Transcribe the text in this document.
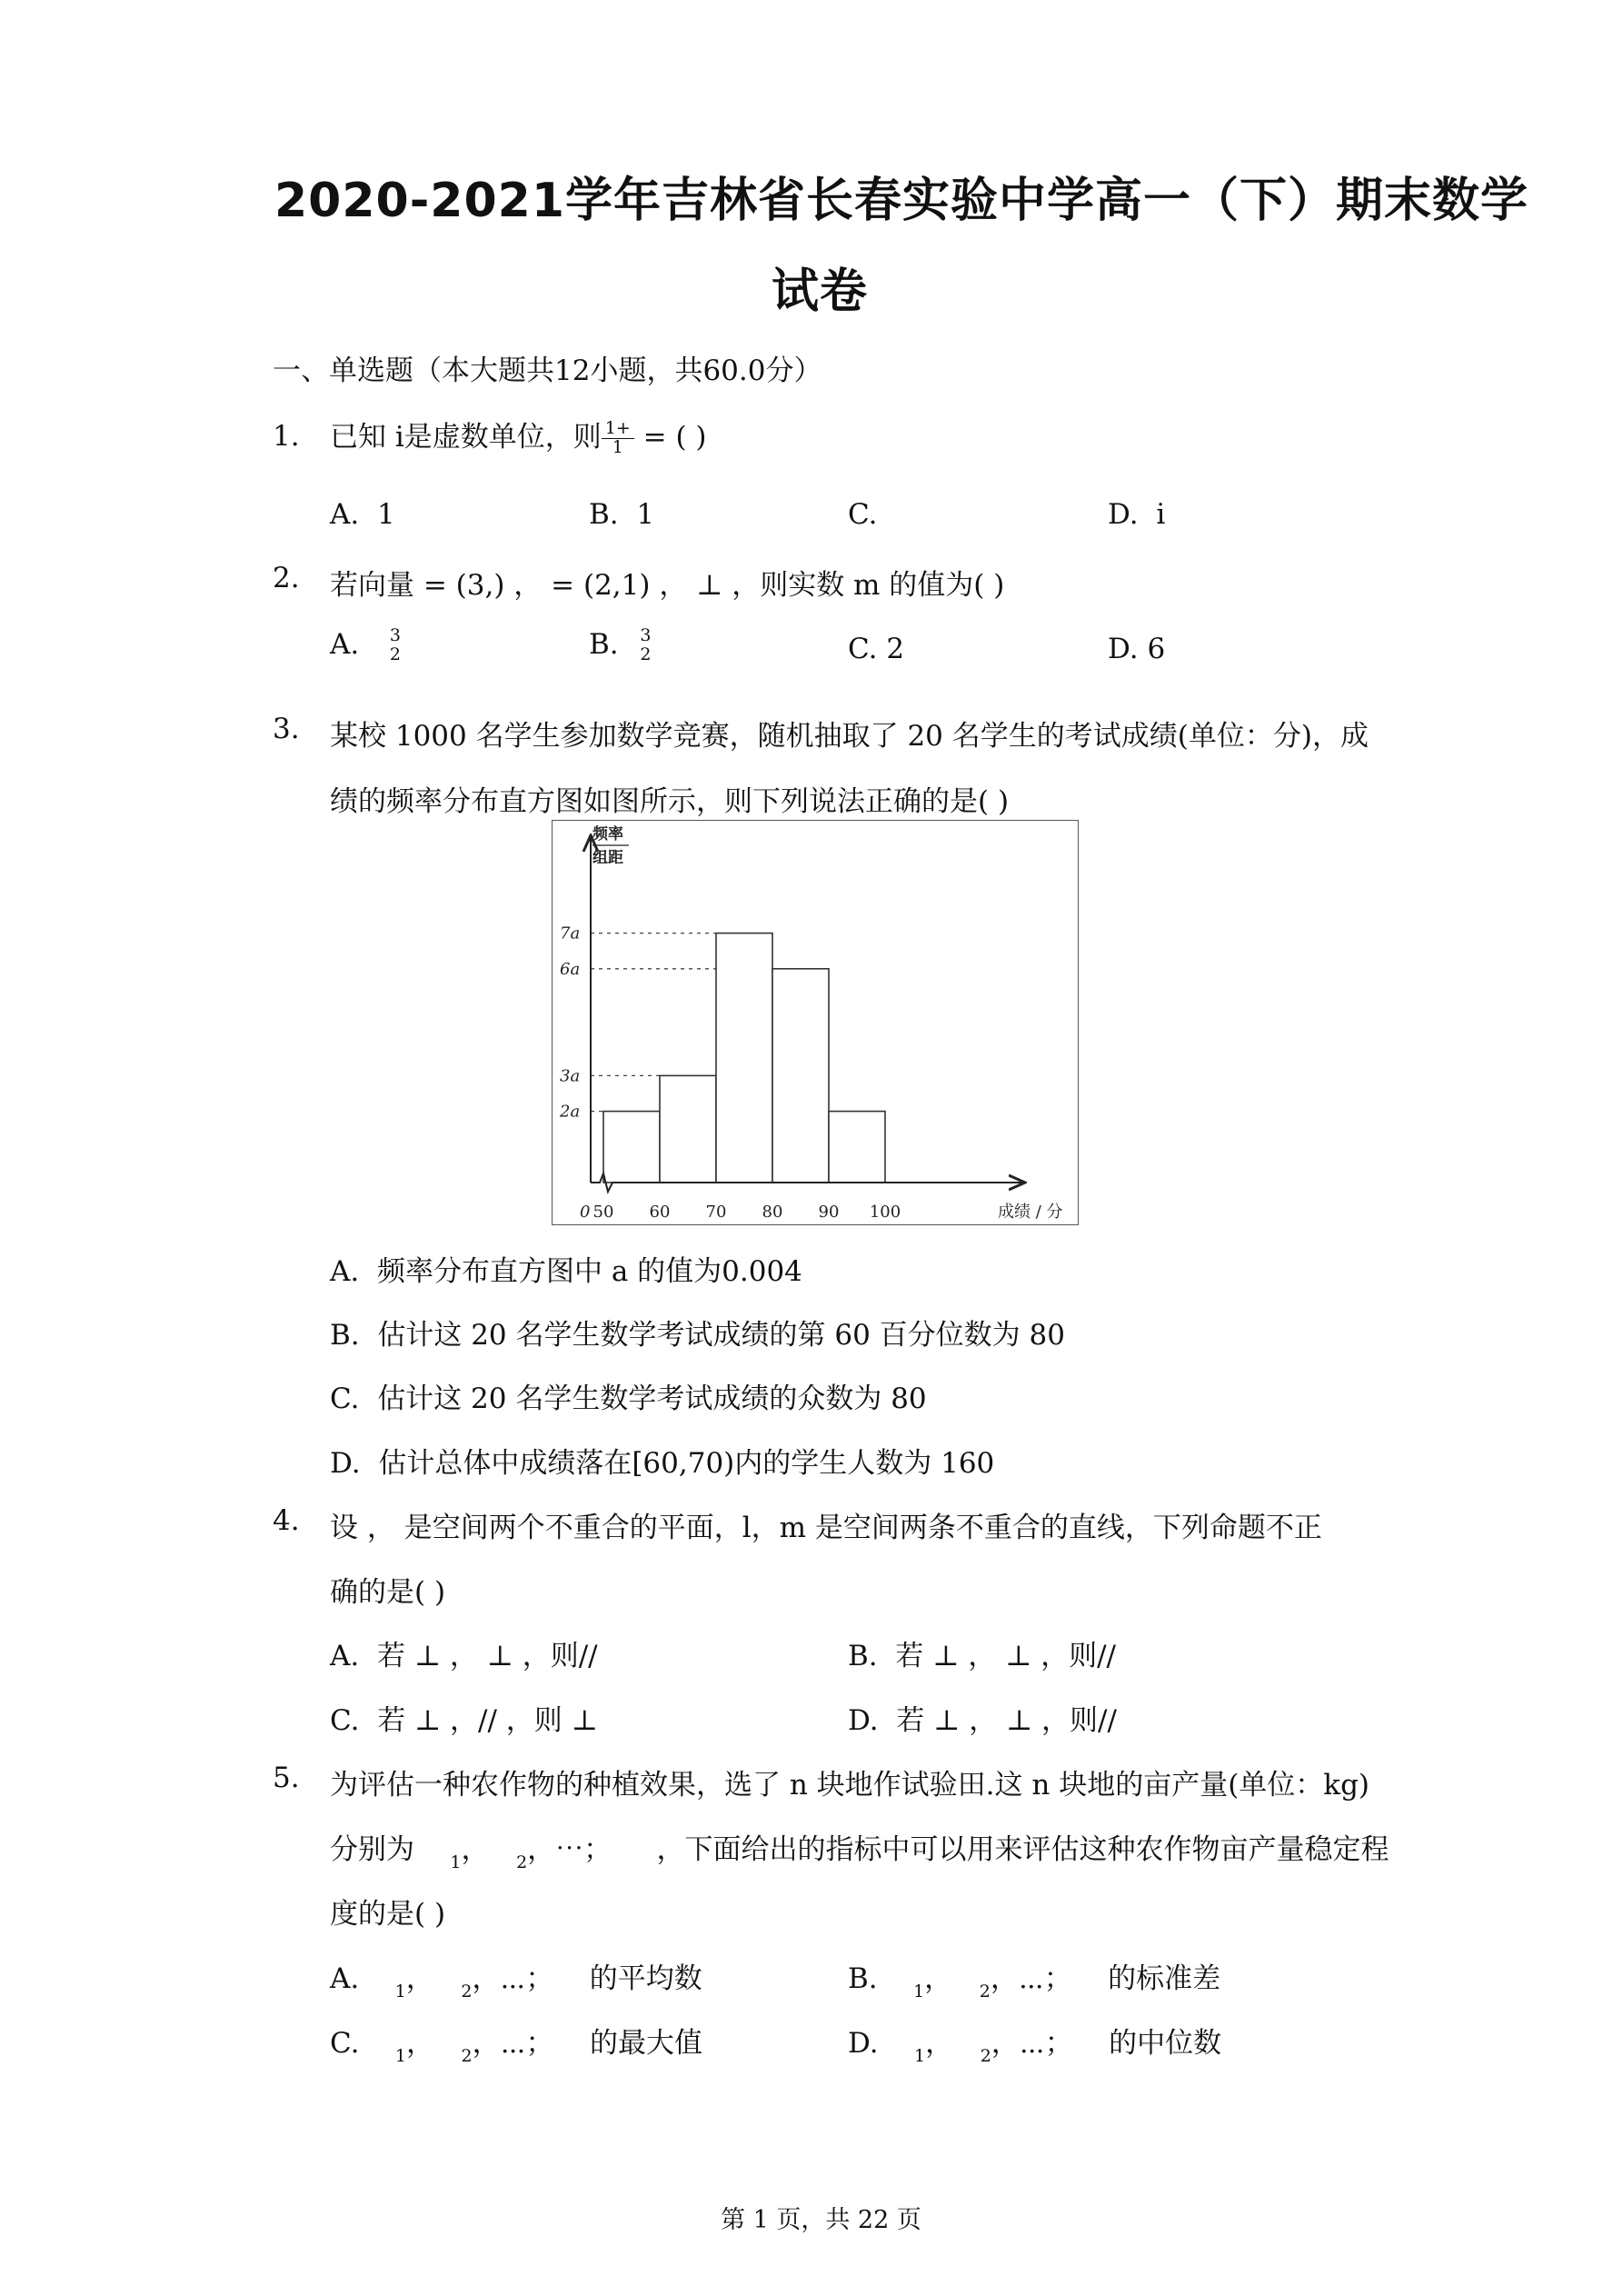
2020-2021学年吉林省长春实验中学高一（下）期末数学
试卷
一、单选题（本大题共12小题，共60.0分）
1. 已知 i是虚数单位，则 $\frac{1+}{1}$ = ( )
A. 1	B. 1	C.	D. i
2. 若向量 = (3,) ， = (2,1) ， ⊥ ，则实数 m 的值为( )
A. $\frac{3}{2}$	B. $\frac{3}{2}$	C. 2	D. 6
3. 某校 1000 名学生参加数学竞赛，随机抽取了 20 名学生的考试成绩(单位：分)，成
绩的频率分布直方图如图所示，则下列说法正确的是( )
频率
组距
0	成绩 / 分
50 60 70 80 90 100
2a
3a
6a
7a
A. 频率分布直方图中 a 的值为0.004
B. 估计这 20 名学生数学考试成绩的第 60 百分位数为 80
C. 估计这 20 名学生数学考试成绩的众数为 80
D. 估计总体中成绩落在[60,70)内的学生人数为 160
4. 设 ， 是空间两个不重合的平面，l，m 是空间两条不重合的直线，下列命题不正
确的是( )
A. 若 ⊥ ， ⊥ ，则//	B. 若 ⊥ ， ⊥ ，则//
C. 若 ⊥ ，// ，则 ⊥	D. 若 ⊥ ， ⊥ ，则//
5. 为评估一种农作物的种植效果，选了 n 块地作试验田.这 n 块地的亩产量(单位：kg)
分别为 $_1$，   $_2$，⋯；     ，下面给出的指标中可以用来评估这种农作物亩产量稳定程
度的是( )
A. $_1$，   $_2$，⋯；    的平均数	B. $_1$，   $_2$，⋯；    的标准差
C. $_1$，   $_2$，⋯；    的最大值	D. $_1$，   $_2$，⋯；    的中位数
第 1 页，共 22 页
